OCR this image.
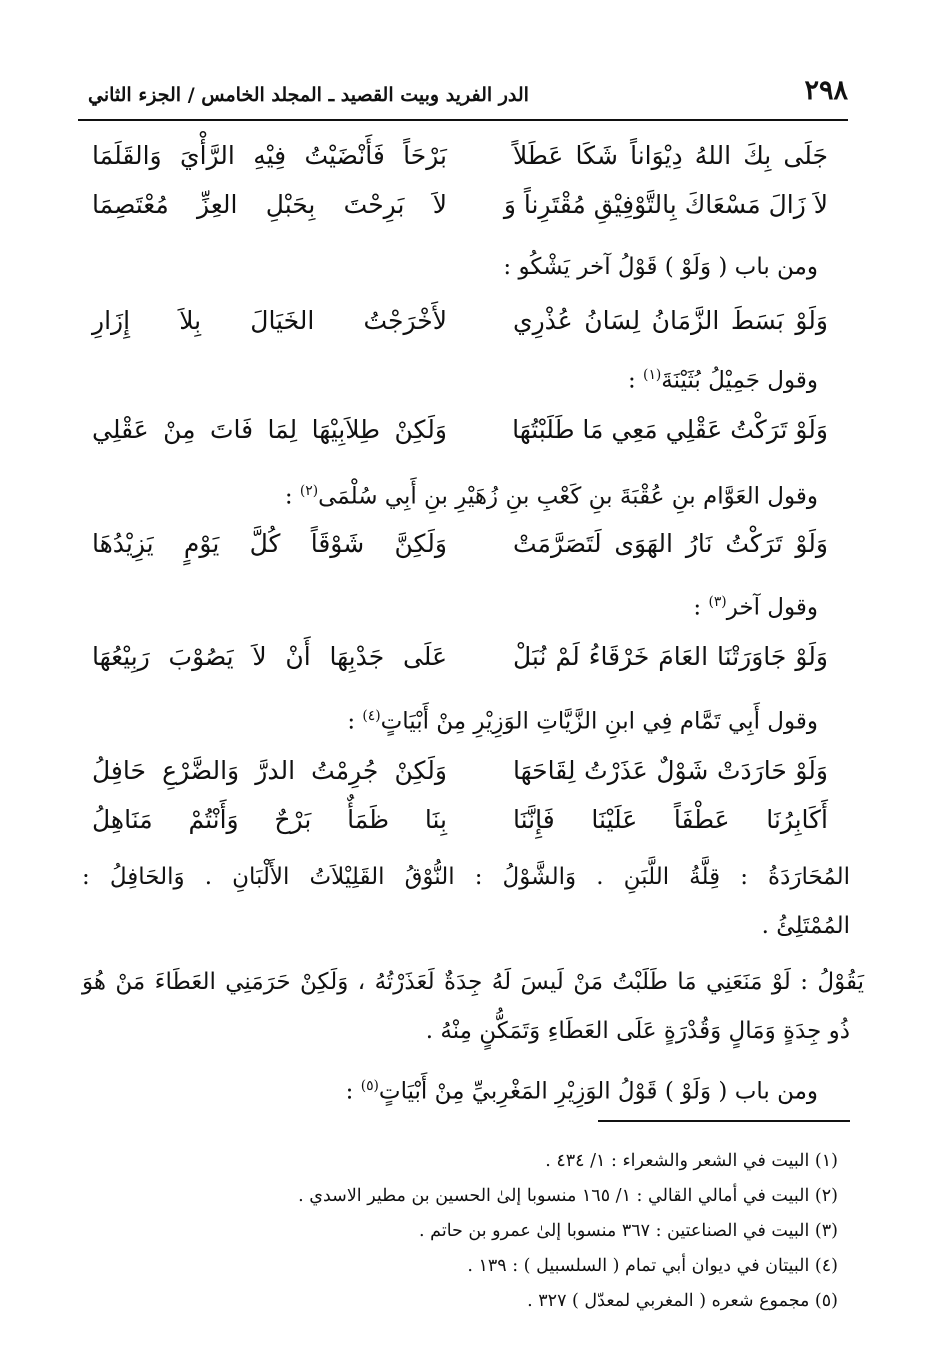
٢٩٨
الدر الفريد وبيت القصيد ـ المجلد الخامس / الجزء الثاني
جَلَى بِكَ اللهُ دِيْوَاناً شَكَا عَطَلاً
بَرْحَاً فَأَنْضَيْتُ فِيْهِ الرَّأْيَ وَالقَلَمَا
لاَ زَالَ مَسْعَاكَ بِالتَّوْفِيْقِ مُقْتَرِناً وَ
لاَ بَرِحْتَ بِحَبْلِ العِزِّ مُعْتَصِمَا
ومن باب ( وَلَوْ ) قَوْلُ آخر يَشْكُو :
وَلَوْ بَسَطَ الزَّمَانُ لِسَانُ عُذْرِي
لأَخْرَجْتُ الخَيَالَ بِلاَ إِزَارِ
وقول جَمِيْلُ بُثَيْنَةَ$^{(١)}$ :
وَلَوْ تَرَكْتُ عَقْلِي مَعِي مَا طَلَبْتُهَا
وَلَكِنْ طِلاَبِيْهَا لِمَا فَاتَ مِنْ عَقْلِي
وقول العَوَّام بنِ عُقْبَةَ بنِ كَعْبِ بنِ زُهَيْرِ بنِ أَبِي سُلْمَى$^{(٢)}$ :
وَلَوْ تَرَكْتُ نَارُ الهَوَى لَتَصَرَّمَتْ
وَلَكِنَّ شَوْقَاً كُلَّ يَوْمٍ يَزِيْدُهَا
وقول آخر$^{(٣)}$ :
وَلَوْ جَاوَرَتْنَا العَامَ خَرْقَاءُ لَمْ نُبَلْ
عَلَى جَدْبِهَا أَنْ لاَ يَصُوْبَ رَبِيْعُهَا
وقول أَبِي تَمَّام فِي ابنِ الزَّيَّاتِ الوَزِيْرِ مِنْ أَبْيَاتٍ$^{(٤)}$ :
وَلَوْ حَارَدَتْ شَوْلٌ عَذَرْتُ لِقَاحَهَا
وَلَكِنْ جُرِمْتُ الدرَّ وَالضَّرْعِ حَافِلُ
أَكَابِرُنَا عَطْفَاً عَلَيْنَا فَإِنَّنَا
بِنَا ظَمَأٌ بَرْحٌ وَأَنْتُمْ مَنَاهِلُ
المُحَارَدَةُ : قِلَّةُ اللَّبَنِ . وَالشَّوْلُ : النُّوْقُ القَلِيْلاَتُ الأَلْبَانِ . وَالحَافِلُ :
المُمْتَلِئُ .
يَقُوْلُ : لَوْ مَنَعَنِي مَا طَلَبْتُ مَنْ لَيسَ لَهُ جِدَةٌ لَعَذَرْتُهُ ، وَلَكِنْ حَرَمَنِي العَطَاءَ مَنْ هُوَ
ذُو جِدَةٍ وَمَالٍ وَقُدْرَةٍ عَلَى العَطَاءِ وَتَمَكُّنٍ مِنْهُ .
ومن باب ( وَلَوْ ) قَوْلُ الوَزِيْرِ المَغْرِبيِّ مِنْ أَبْيَاتٍ$^{(٥)}$ :
(١) البيت في الشعر والشعراء : ١/ ٤٣٤ .
(٢) البيت في أمالي القالي : ١/ ١٦٥ منسوبا إلىٰ الحسين بن مطير الاسدي .
(٣) البيت في الصناعتين : ٣٦٧ منسوبا إلىٰ عمرو بن حاتم .
(٤) البيتان في ديوان أبي تمام ( السلسبيل ) : ١٣٩ .
(٥) مجموع شعره ( المغربي لمعدّل ) ٣٢٧ .
